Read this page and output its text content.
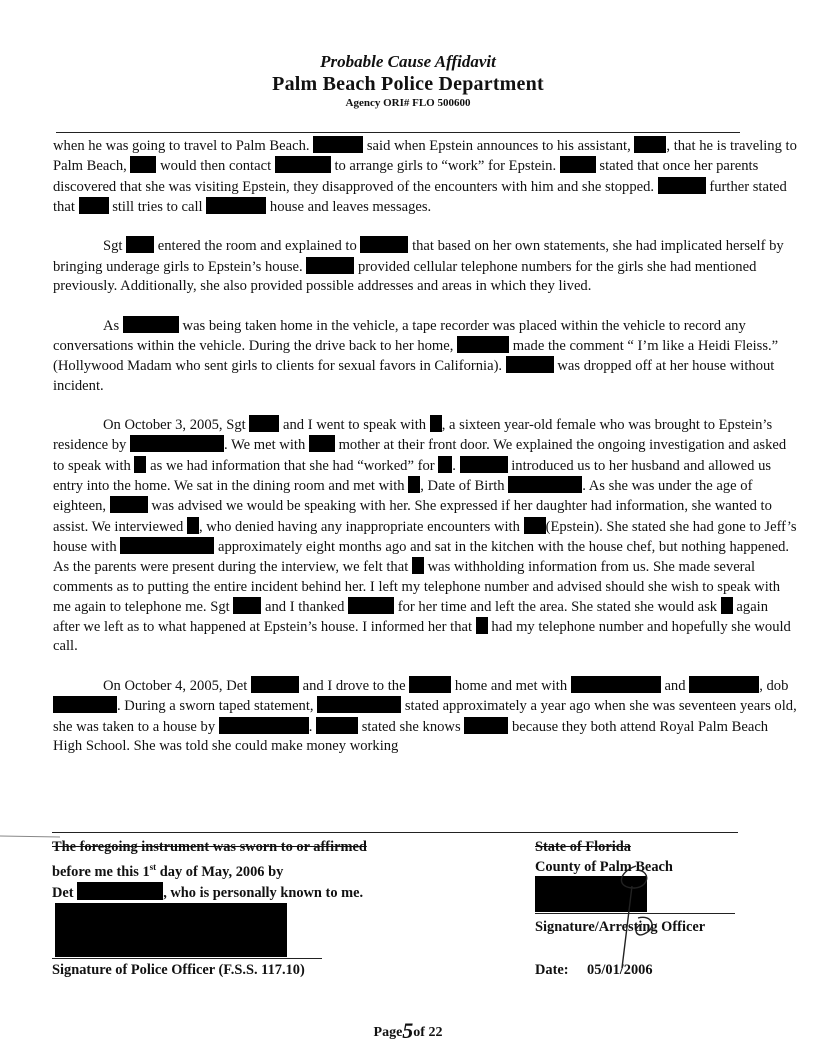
Probable Cause Affidavit
Palm Beach Police Department
Agency ORI# FLO 500600

when he was going to travel to Palm Beach.	said when Epstein announces to his assistant, , that he is traveling to Palm Beach, would then contact	to arrange girls to “work” for Epstein.	stated that once her parents discovered that she was visiting Epstein, they disapproved of the encounters with him and she stopped.	further stated that	still tries to call	house and leaves messages.

Sgt entered the room and explained to	that based on her own statements, she had implicated herself by bringing underage girls to Epstein’s house.	provided cellular telephone numbers for the girls she had mentioned previously. Additionally, she also provided possible addresses and areas in which they lived.

As	was being taken home in the vehicle, a tape recorder was placed within the vehicle to record any conversations within the vehicle. During the drive back to her home,	made the comment “ I’m like a Heidi Fleiss.” (Hollywood Madam who sent girls to clients for sexual favors in California).	was dropped off at her house without incident.

On October 3, 2005, Sgt	and I went to speak with , a sixteen year-old female who was brought to Epstein’s residence by	. We met with mother at their front door. We explained the ongoing investigation and asked to speak with as we had information that she had “worked” for .	introduced us to her husband and allowed us entry into the home. We sat in the dining room and met with , Date of Birth	. As she was under the age of eighteen,	was advised we would be speaking with her. She expressed if her daughter had information, she wanted to assist. We interviewed , who denied having any inappropriate encounters with (Epstein). She stated she had gone to Jeff’s house with	approximately eight months ago and sat in the kitchen with the house chef, but nothing happened. As the parents were present during the interview, we felt that was withholding information from us. She made several comments as to putting the entire incident behind her. I left my telephone number and advised should she wish to speak with me again to telephone me. Sgt and I thanked	for her time and left the area. She stated she would ask again after we left as to what happened at Epstein’s house. I informed her that had my telephone number and hopefully she would call.

On October 4, 2005, Det	and I drove to the	home and met with	and	, dob . During a sworn taped statement,	stated approximately a year ago when she was seventeen years old, she was taken to a house by	.	stated she knows	because they both attend Royal Palm Beach High School. She was told she could make money working

The foregoing instrument was sworn to or affirmed
before me this 1st day of May, 2006 by
Det	, who is personally known to me.
State of Florida
County of Palm Beach
Signature/Arresting Officer
Signature of Police Officer (F.S.S. 117.10)	Date: 05/01/2006
Page5of 22
